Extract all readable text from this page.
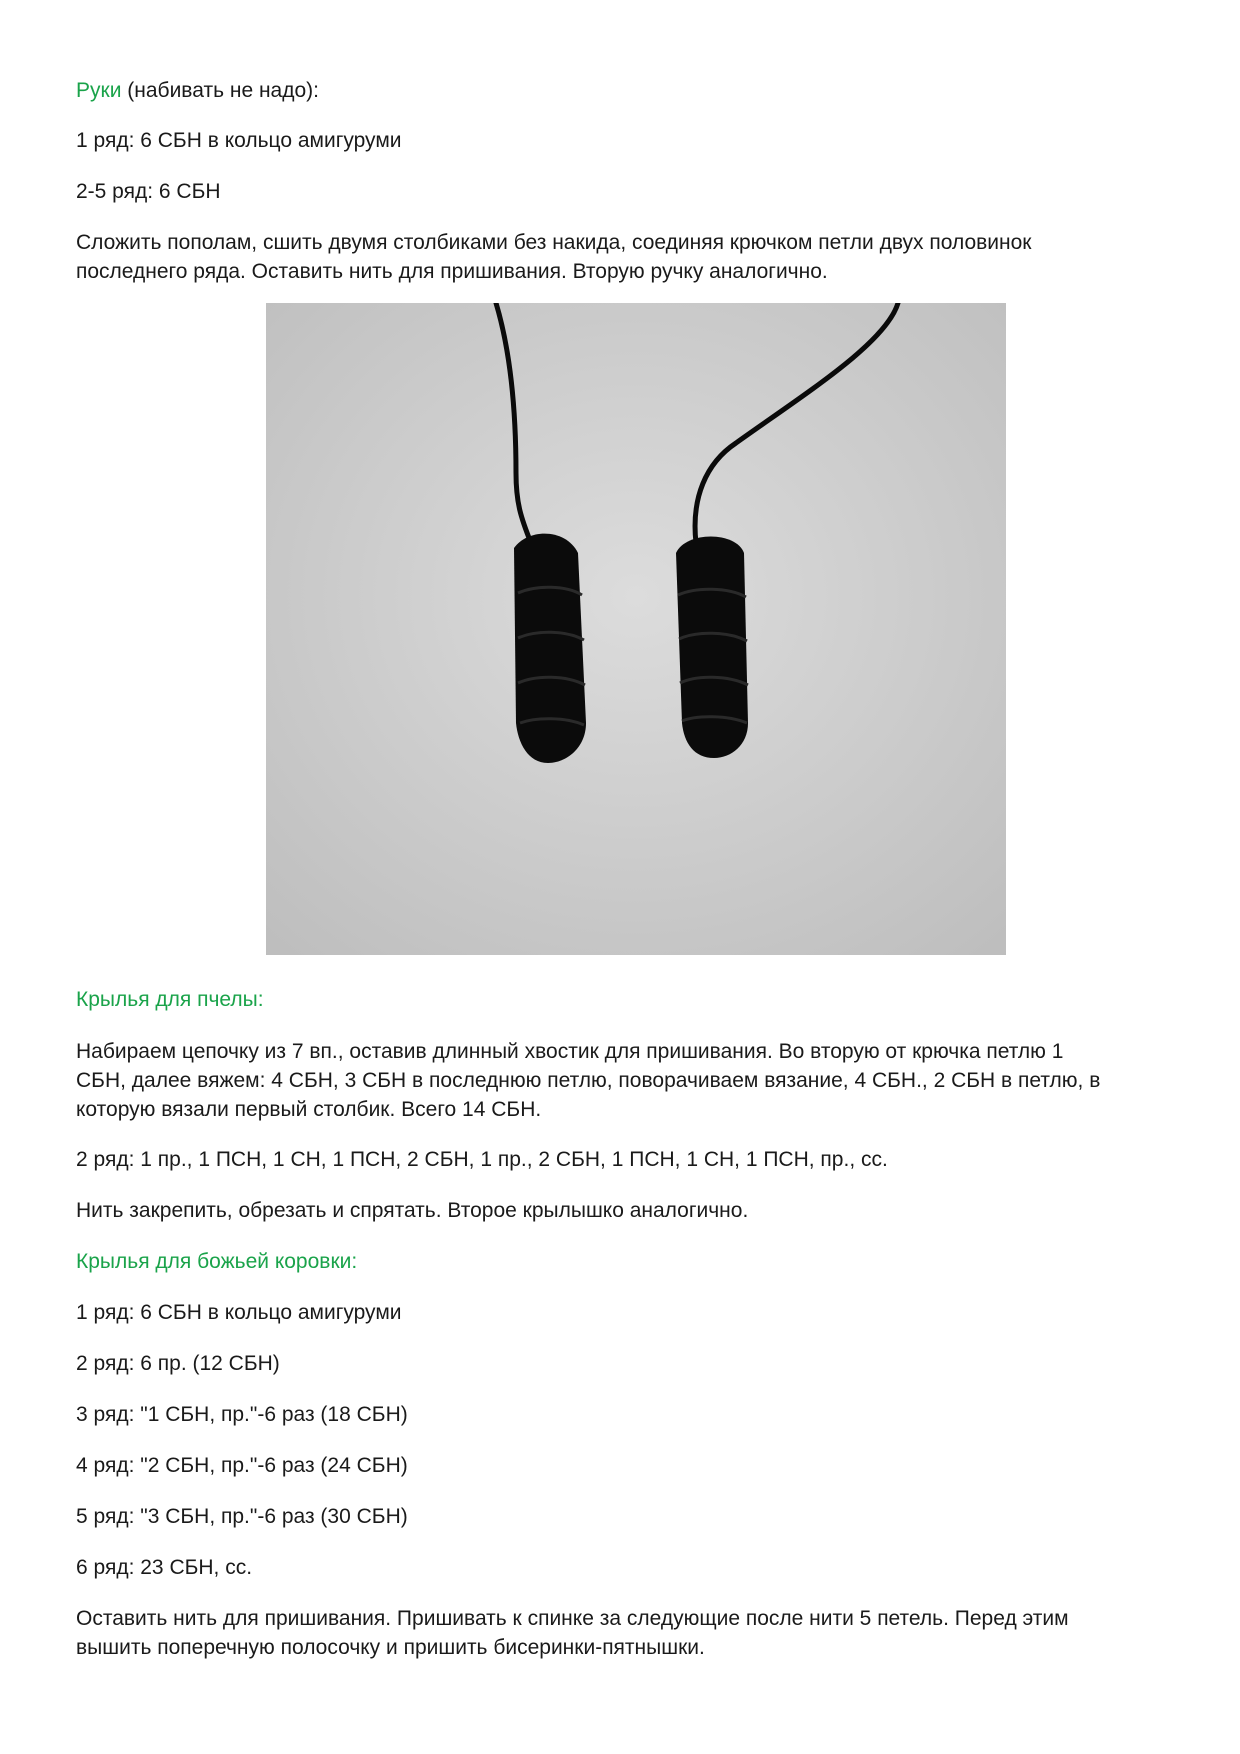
Руки (набивать не надо):
1 ряд: 6 СБН в кольцо амигуруми
2-5 ряд: 6 СБН
Сложить пополам, сшить двумя столбиками без накида, соединяя крючком петли двух половинок
последнего ряда. Оставить нить для пришивания. Вторую ручку аналогично.
Крылья для пчелы:
Набираем цепочку из 7 вп., оставив длинный хвостик для пришивания. Во вторую от крючка петлю 1
СБН, далее вяжем: 4 СБН, 3 СБН в последнюю петлю, поворачиваем вязание, 4 СБН., 2 СБН в петлю, в
которую вязали первый столбик. Всего 14 СБН.
2 ряд: 1 пр., 1 ПСН, 1 СН, 1 ПСН, 2 СБН, 1 пр., 2 СБН, 1 ПСН, 1 СН, 1 ПСН, пр., сс.
Нить закрепить, обрезать и спрятать. Второе крылышко аналогично.
Крылья для божьей коровки:
1 ряд: 6 СБН в кольцо амигуруми
2 ряд: 6 пр. (12 СБН)
3 ряд: "1 СБН, пр."-6 раз (18 СБН)
4 ряд: "2 СБН, пр."-6 раз (24 СБН)
5 ряд: "3 СБН, пр."-6 раз (30 СБН)
6 ряд: 23 СБН, сс.
Оставить нить для пришивания. Пришивать к спинке за следующие после нити 5 петель. Перед этим
вышить поперечную полосочку и пришить бисеринки-пятнышки.
